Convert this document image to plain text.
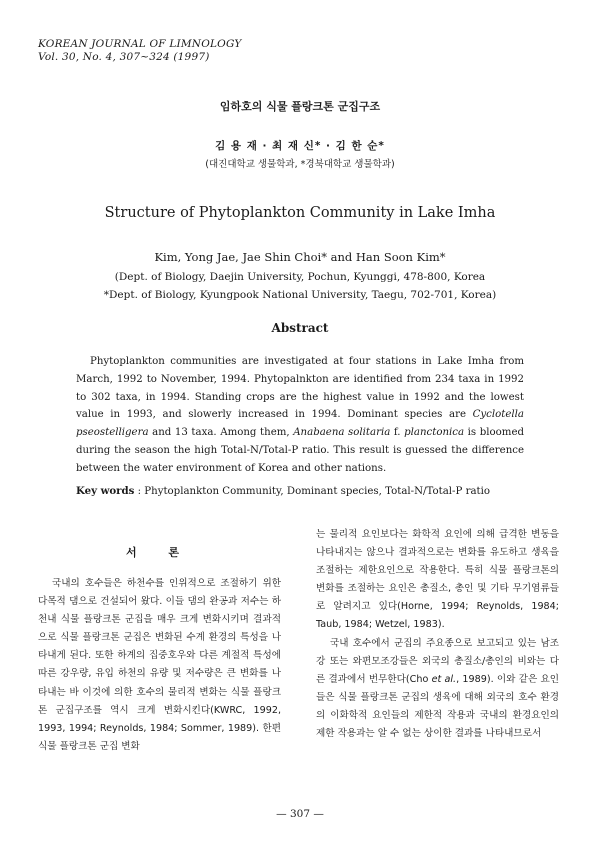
KOREAN JOURNAL OF LIMNOLOGY
Vol. 30, No. 4, 307~324 (1997)
임하호의 식물 플랑크톤 군집구조
김 용 재 · 최 재 신* · 김 한 순*
(대진대학교 생물학과, *경북대학교 생물학과)
Structure of Phytoplankton Community in Lake Imha
Kim, Yong Jae, Jae Shin Choi* and Han Soon Kim*
(Dept. of Biology, Daejin University, Pochun, Kyunggi, 478-800, Korea
*Dept. of Biology, Kyungpook National University, Taegu, 702-701, Korea)
Abstract

Phytoplankton communities are investigated at four stations in Lake Imha from March, 1992 to November, 1994. Phytopalnkton are identified from 234 taxa in 1992 to 302 taxa, in 1994. Standing crops are the highest value in 1992 and the lowest value in 1993, and slowerly increased in 1994. Dominant species are Cyclotella pseostelligera and 13 taxa. Among them, Anabaena solitaria f. planctonica is bloomed during the season the high Total-N/Total-P ratio. This result is guessed the difference between the water environment of Korea and other nations.

Key words : Phytoplankton Community, Dominant species, Total-N/Total-P ratio
서 론

국내의 호수들은 하천수를 인위적으로 조절하기 위한 다목적 댐으로 건설되어 왔다. 이들 댐의 완공과 저수는 하천내 식물 플랑크톤 군집을 매우 크게 변화시키며 결과적으로 식물 플랑크톤 군집은 변화된 수계 환경의 특성을 나타내게 된다. 또한 하계의 집중호우와 다른 계절적 특성에 따른 강우량, 유입 하천의 유량 및 저수량은 큰 변화를 나타내는 바 이것에 의한 호수의 물리적 변화는 식물 플랑크톤 군집구조를 역시 크게 변화시킨다(KWRC, 1992, 1993, 1994; Reynolds, 1984; Sommer, 1989). 한편 식물 플랑크톤 군집 변화

는 물리적 요인보다는 화학적 요인에 의해 급격한 변동을 나타내지는 않으나 결과적으로는 변화를 유도하고 생육을 조절하는 제한요인으로 작용한다. 특히 식물 플랑크톤의 변화를 조절하는 요인은 총질소, 총인 및 기타 무기염류들로 알려지고 있다(Horne, 1994; Reynolds, 1984; Taub, 1984; Wetzel, 1983).

국내 호수에서 군집의 주요종으로 보고되고 있는 남조강 또는 와편모조강들은 외국의 총질소/총인의 비와는 다른 결과에서 번무한다(Cho et al., 1989). 이와 같은 요인들은 식물 플랑크톤 군집의 생육에 대해 외국의 호수 환경의 이화학적 요인들의 제한적 작용과 국내의 환경요인의 제한 작용과는 알 수 없는 상이한 결과를 나타내므로서

— 307 —
